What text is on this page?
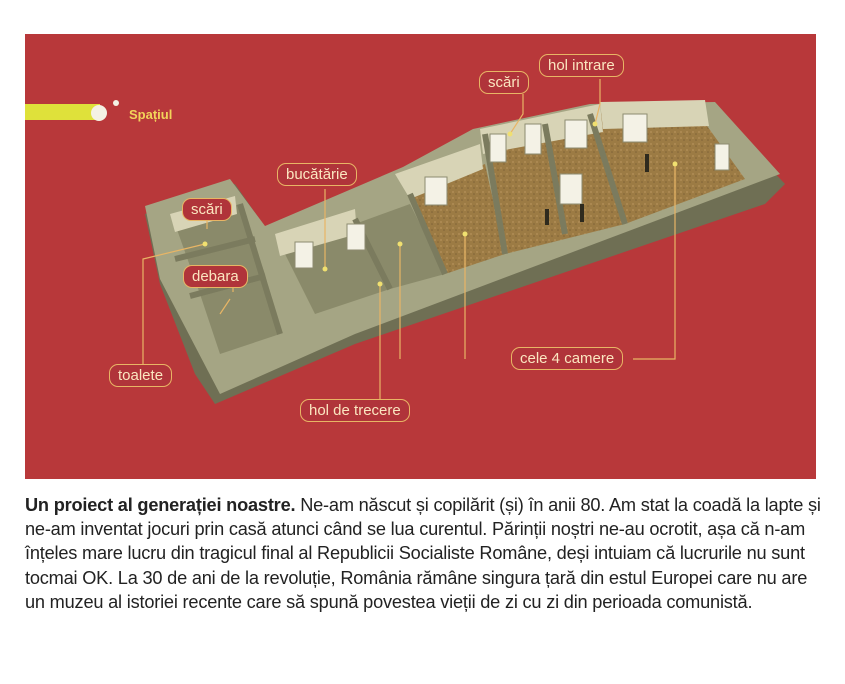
Spațiul
scări
hol intrare
bucătărie
scări
debara
toalete
cele 4 camere
hol de trecere
Un proiect al generației noastre. Ne-am născut și copilărit (și) în anii 80. Am stat la coadă la lapte și ne-am inventat jocuri prin casă atunci când se lua curentul. Părinții noștri ne-au ocrotit, așa că n-am înțeles mare lucru din tragicul final al Republicii Socialiste Române, deși intuiam că lucrurile nu sunt tocmai OK. La 30 de ani de la revoluție, România rămâne singura țară din estul Europei care nu are un muzeu al istoriei recente care să spună povestea vieții de zi cu zi din perioada comunistă.
